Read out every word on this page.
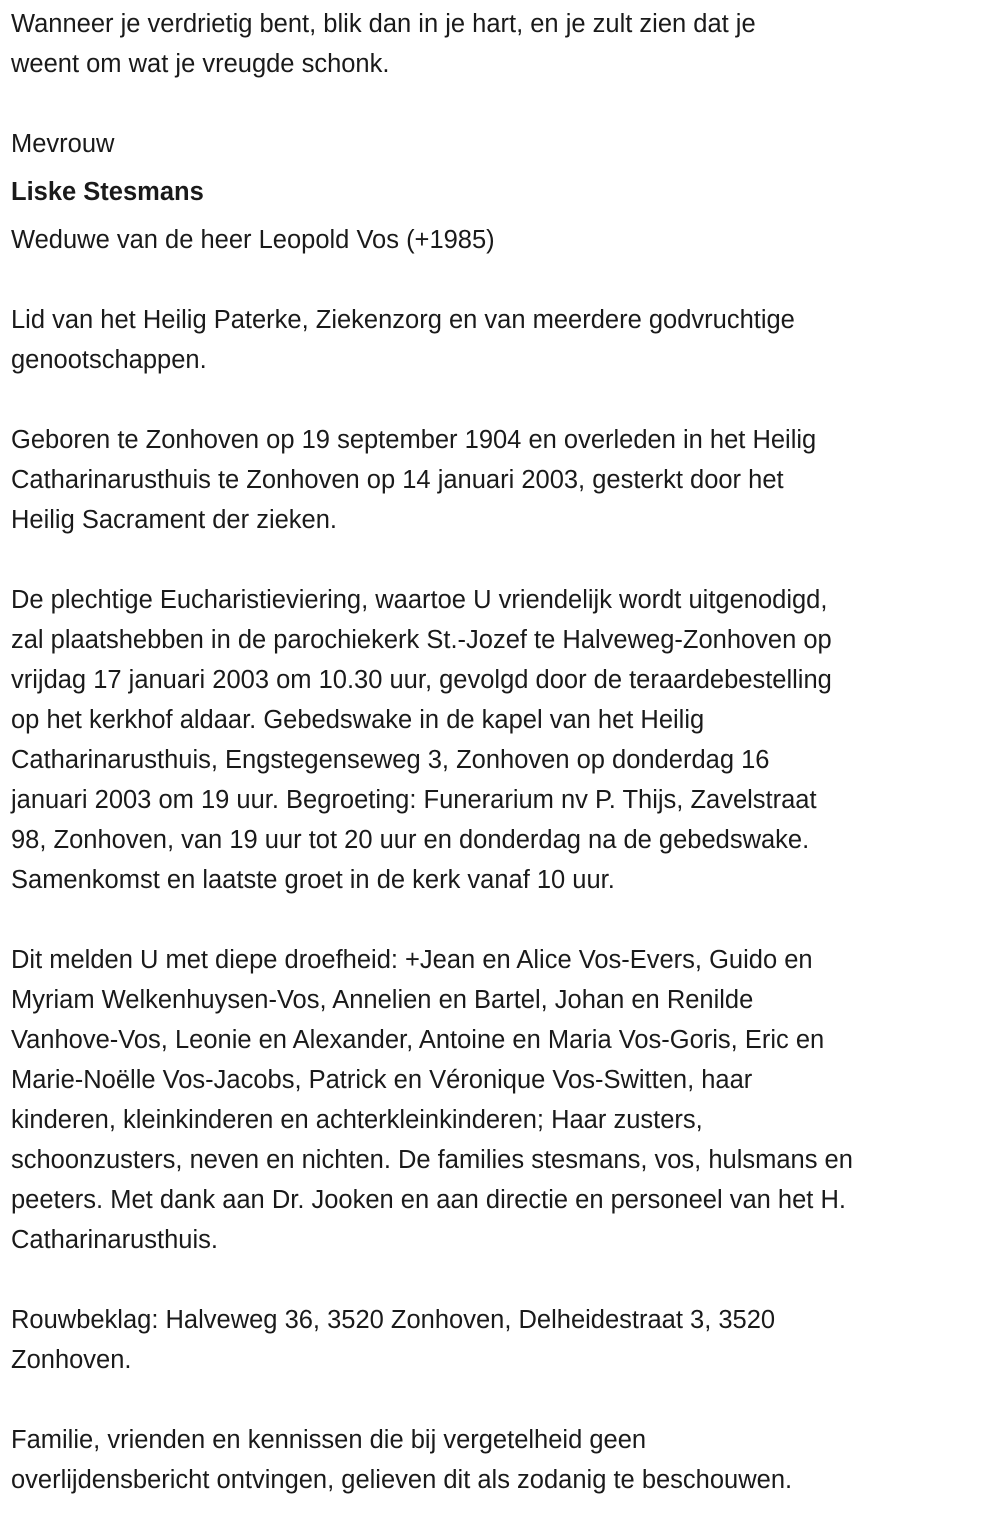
Wanneer je verdrietig bent, blik dan in je hart, en je zult zien dat je
weent om wat je vreugde schonk.
Mevrouw
Liske Stesmans
Weduwe van de heer Leopold Vos (+1985)
Lid van het Heilig Paterke, Ziekenzorg en van meerdere godvruchtige
genootschappen.
Geboren te Zonhoven op 19 september 1904 en overleden in het Heilig
Catharinarusthuis te Zonhoven op 14 januari 2003, gesterkt door het
Heilig Sacrament der zieken.
De plechtige Eucharistieviering, waartoe U vriendelijk wordt uitgenodigd,
zal plaatshebben in de parochiekerk St.-Jozef te Halveweg-Zonhoven op
vrijdag 17 januari 2003 om 10.30 uur, gevolgd door de teraardebestelling
op het kerkhof aldaar. Gebedswake in de kapel van het Heilig
Catharinarusthuis, Engstegenseweg 3, Zonhoven op donderdag 16
januari 2003 om 19 uur. Begroeting: Funerarium nv P. Thijs, Zavelstraat
98, Zonhoven, van 19 uur tot 20 uur en donderdag na de gebedswake.
Samenkomst en laatste groet in de kerk vanaf 10 uur.
Dit melden U met diepe droefheid: +Jean en Alice Vos-Evers, Guido en
Myriam Welkenhuysen-Vos, Annelien en Bartel, Johan en Renilde
Vanhove-Vos, Leonie en Alexander, Antoine en Maria Vos-Goris, Eric en
Marie-Noëlle Vos-Jacobs, Patrick en Véronique Vos-Switten, haar
kinderen, kleinkinderen en achterkleinkinderen; Haar zusters,
schoonzusters, neven en nichten. De families stesmans, vos, hulsmans en
peeters. Met dank aan Dr. Jooken en aan directie en personeel van het H.
Catharinarusthuis.
Rouwbeklag: Halveweg 36, 3520 Zonhoven, Delheidestraat 3, 3520
Zonhoven.
Familie, vrienden en kennissen die bij vergetelheid geen
overlijdensbericht ontvingen, gelieven dit als zodanig te beschouwen.
